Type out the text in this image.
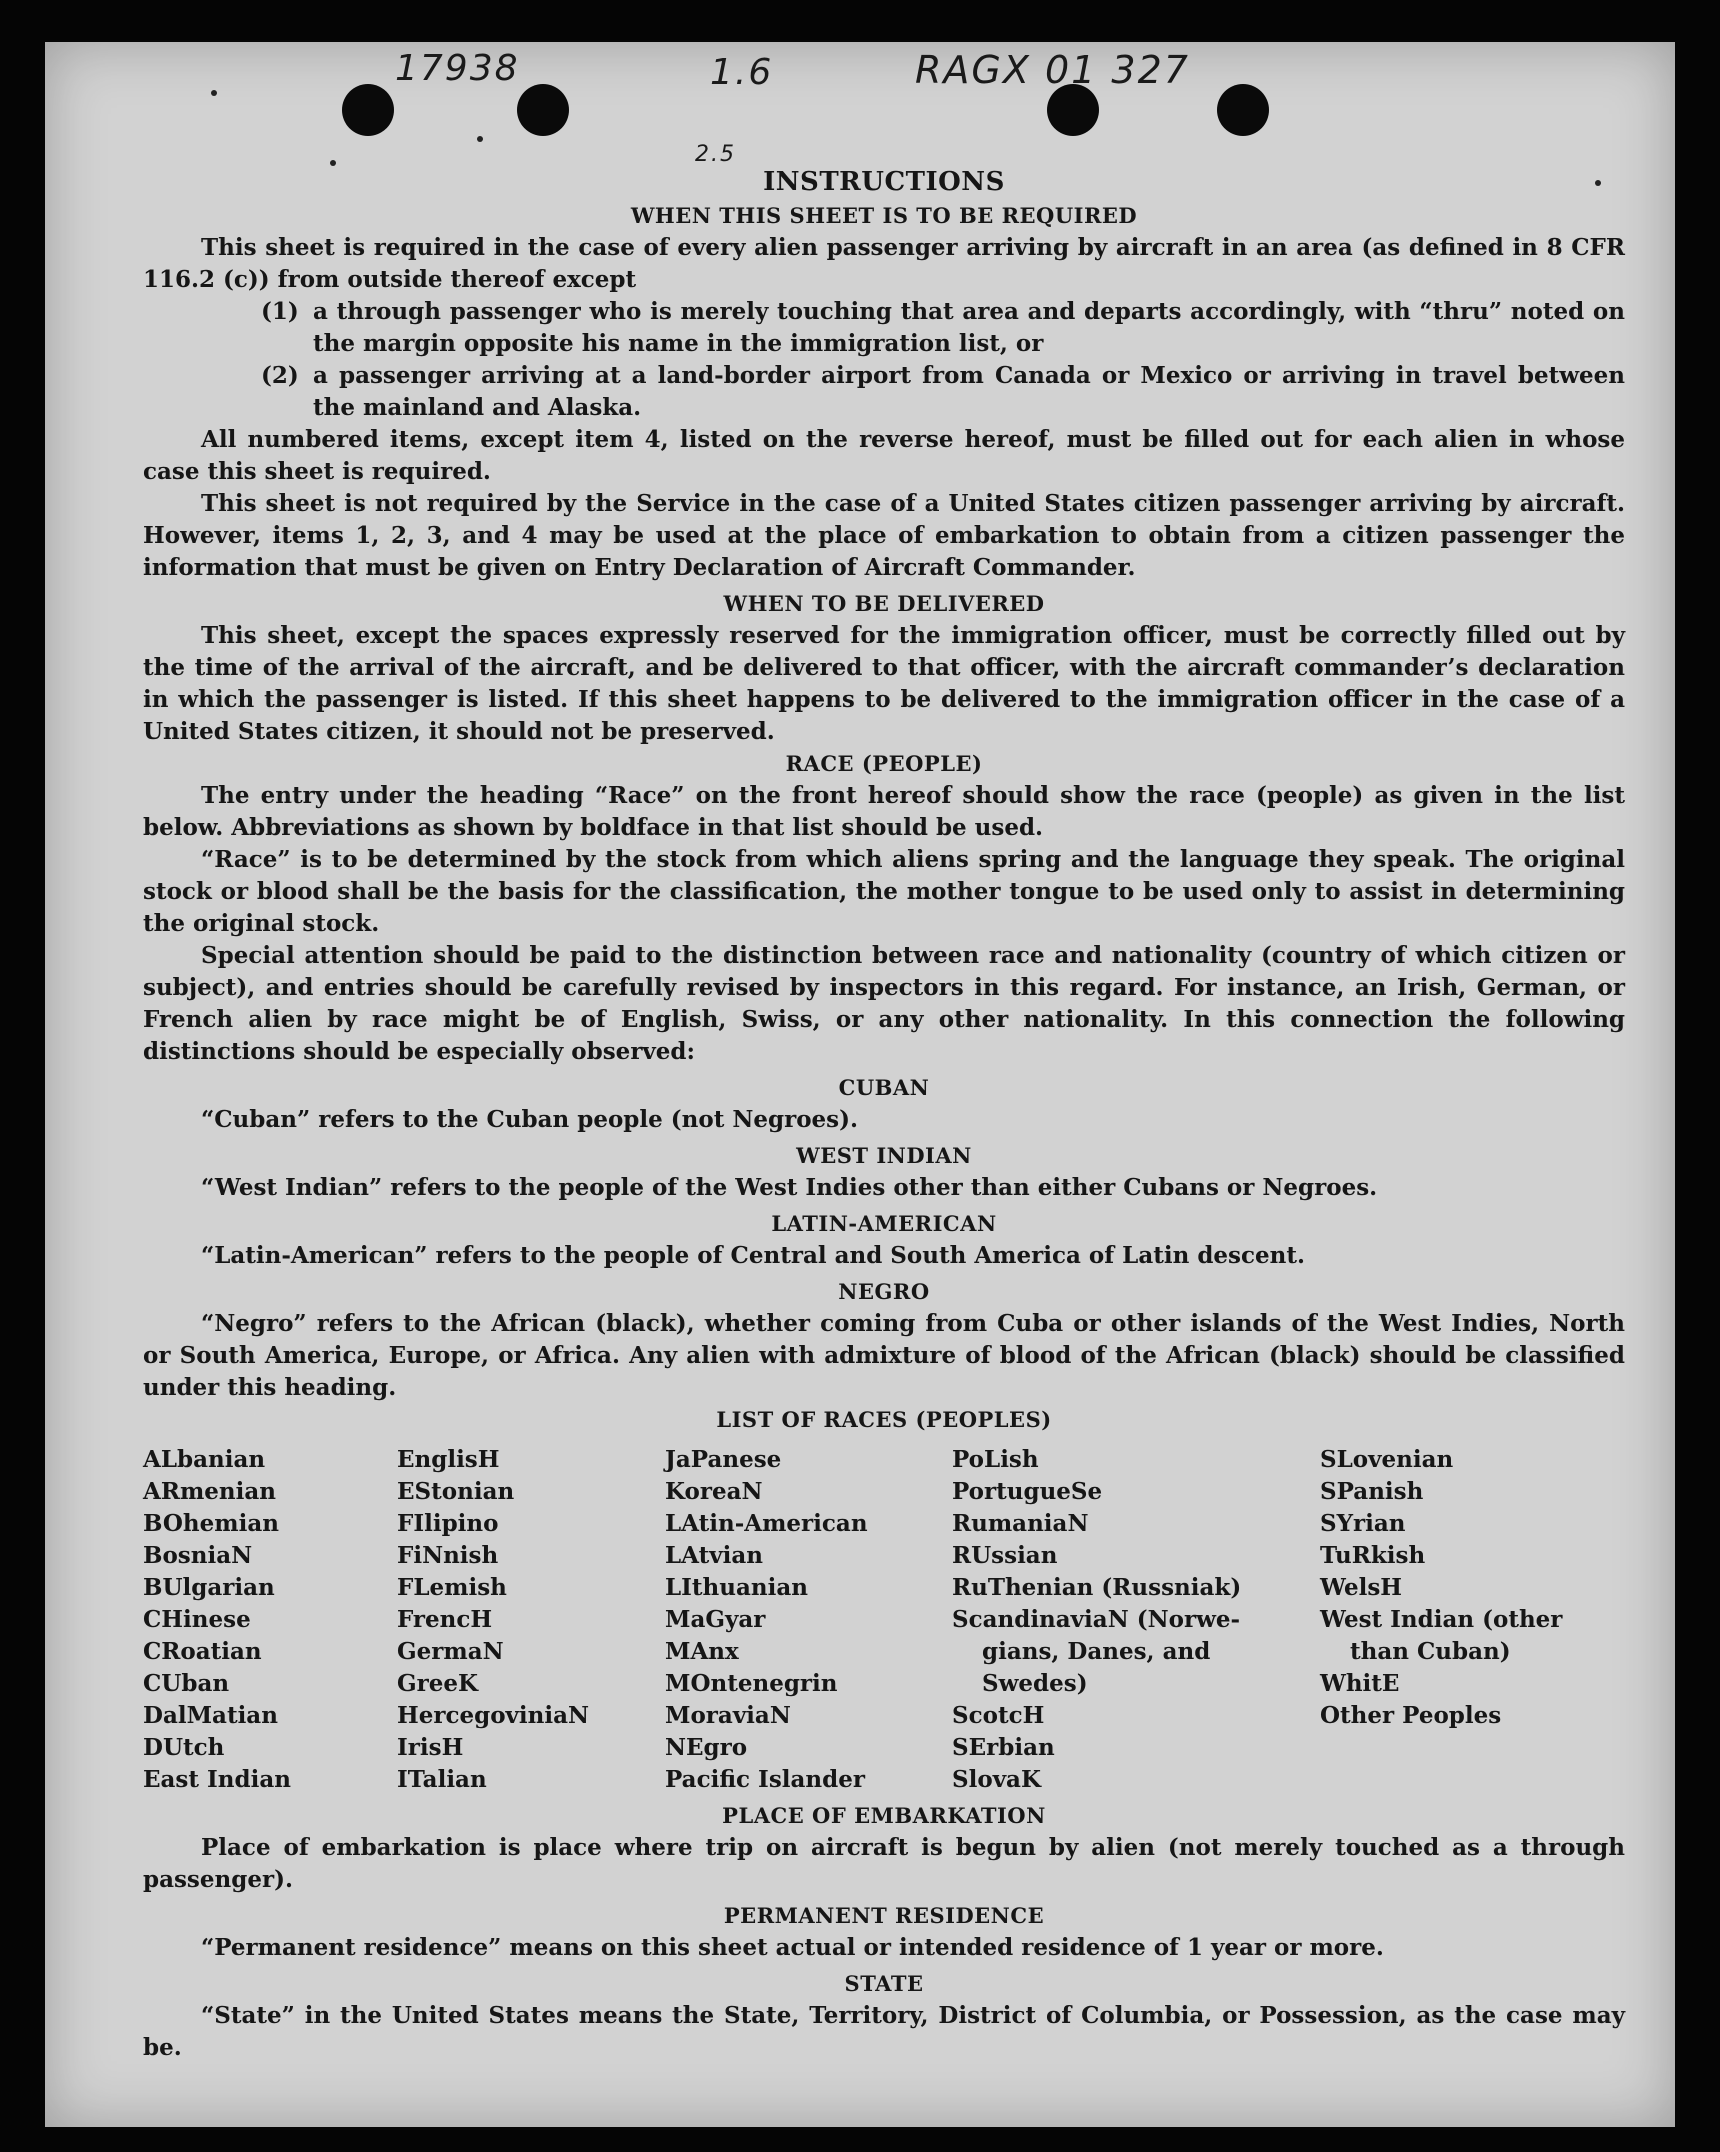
17938	1.6	RAGX 01 327
2.5
INSTRUCTIONS
WHEN THIS SHEET IS TO BE REQUIRED

This sheet is required in the case of every alien passenger arriving by aircraft in an area (as defined in 8 CFR 116.2 (c)) from outside thereof except

(1) a through passenger who is merely touching that area and departs accordingly, with “thru” noted on the margin opposite his name in the immigration list, or
(2) a passenger arriving at a land-border airport from Canada or Mexico or arriving in travel between the mainland and Alaska.

All numbered items, except item 4, listed on the reverse hereof, must be filled out for each alien in whose case this sheet is required.

This sheet is not required by the Service in the case of a United States citizen passenger arriving by aircraft. However, items 1, 2, 3, and 4 may be used at the place of embarkation to obtain from a citizen passenger the information that must be given on Entry Declaration of Aircraft Commander.

WHEN TO BE DELIVERED

This sheet, except the spaces expressly reserved for the immigration officer, must be correctly filled out by the time of the arrival of the aircraft, and be delivered to that officer, with the aircraft commander’s declaration in which the passenger is listed. If this sheet happens to be delivered to the immigration officer in the case of a United States citizen, it should not be preserved.

RACE (PEOPLE)

The entry under the heading “Race” on the front hereof should show the race (people) as given in the list below. Abbreviations as shown by boldface in that list should be used.

“Race” is to be determined by the stock from which aliens spring and the language they speak. The original stock or blood shall be the basis for the classification, the mother tongue to be used only to assist in determining the original stock.

Special attention should be paid to the distinction between race and nationality (country of which citizen or subject), and entries should be carefully revised by inspectors in this regard. For instance, an Irish, German, or French alien by race might be of English, Swiss, or any other nationality. In this connection the following distinctions should be especially observed:

CUBAN

“Cuban” refers to the Cuban people (not Negroes).

WEST INDIAN

“West Indian” refers to the people of the West Indies other than either Cubans or Negroes.

LATIN-AMERICAN

“Latin-American” refers to the people of Central and South America of Latin descent.

NEGRO

“Negro” refers to the African (black), whether coming from Cuba or other islands of the West Indies, North or South America, Europe, or Africa. Any alien with admixture of blood of the African (black) should be classified under this heading.

LIST OF RACES (PEOPLES)
ALbanian
ARmenian
BOhemian
BosniaN
BUlgarian
CHinese
CRoatian
CUban
DalMatian
DUtch
East Indian
EnglisH
EStonian
FIlipino
FiNnish
FLemish
FrencH
GermaN
GreeK
HercegoviniaN
IrisH
ITalian
JaPanese
KoreaN
LAtin-American
LAtvian
LIthuanian
MaGyar
MAnx
MOntenegrin
MoraviaN
NEgro
Pacific Islander
PoLish
PortugueSe
RumaniaN
RUssian
RuThenian (Russniak)
ScandinaviaN (Norwe-
gians, Danes, and
Swedes)
ScotcH
SErbian
SlovaK
SLovenian
SPanish
SYrian
TuRkish
WelsH
West Indian (other
than Cuban)
WhitE
Other Peoples
PLACE OF EMBARKATION

Place of embarkation is place where trip on aircraft is begun by alien (not merely touched as a through passenger).

PERMANENT RESIDENCE

“Permanent residence” means on this sheet actual or intended residence of 1 year or more.

STATE

“State” in the United States means the State, Territory, District of Columbia, or Possession, as the case may be.
